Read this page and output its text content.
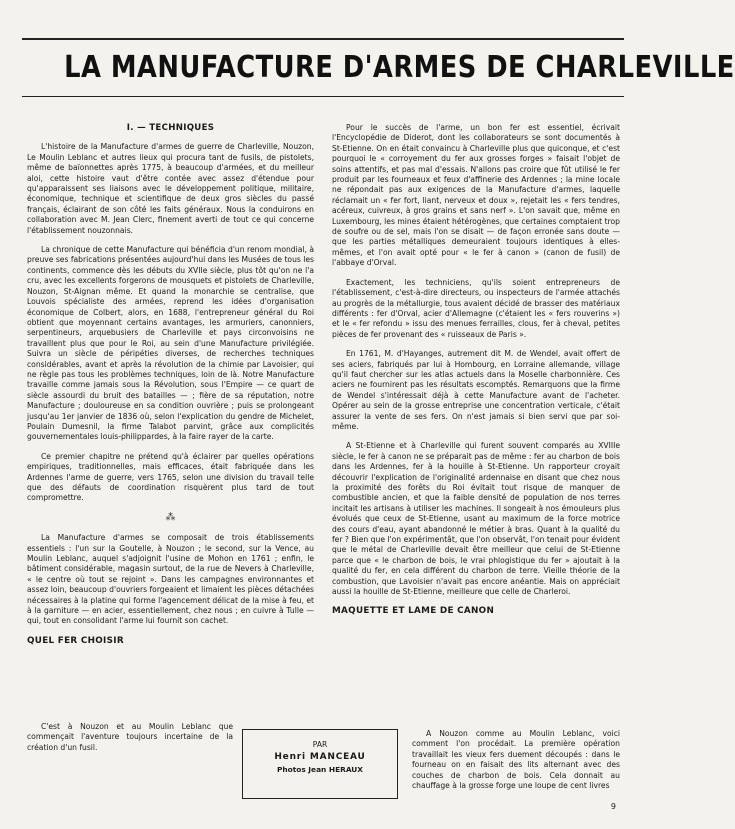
LA MANUFACTURE D'ARMES DE CHARLEVILLE
I. — TECHNIQUES

L'histoire de la Manufacture d'armes de guerre de Charleville, Nouzon, Le Moulin Leblanc et autres lieux qui procura tant de fusils, de pistolets, même de baïonnettes après 1775, à beaucoup d'armées, et du meilleur aloi, cette histoire vaut d'être contée avec assez d'étendue pour qu'apparaissent ses liaisons avec le développement politique, militaire, économique, technique et scientifique de deux gros siècles du passé français, éclairant de son côté les faits généraux. Nous la conduirons en collaboration avec M. Jean Clerc, finement averti de tout ce qui concerne l'établissement nouzonnais.

La chronique de cette Manufacture qui bénéficia d'un renom mondial, à preuve ses fabrications présentées aujourd'hui dans les Musées de tous les continents, commence dès les débuts du XVIIe siècle, plus tôt qu'on ne l'a cru, avec les excellents forgerons de mousquets et pistolets de Charleville, Nouzon, St-Aignan même. Et quand la monarchie se centralise, que Louvois spécialiste des armées, reprend les idées d'organisation économique de Colbert, alors, en 1688, l'entrepreneur général du Roi obtient que moyennant certains avantages, les armuriers, canonniers, serpentineurs, arquebusiers de Charleville et pays circonvoisins ne travaillent plus que pour le Roi, au sein d'une Manufacture privilégiée. Suivra un siècle de péripéties diverses, de recherches techniques considérables, avant et après la révolution de la chimie par Lavoisier, qui ne règle pas tous les problèmes techniques, loin de là. Notre Manufacture travaille comme jamais sous la Révolution, sous l'Empire — ce quart de siècle assourdi du bruit des batailles — ; fière de sa réputation, notre Manufacture ; douloureuse en sa condition ouvrière ; puis se prolongeant jusqu'au 1er janvier de 1836 où, selon l'explication du gendre de Michelet, Poulain Dumesnil, la firme Talabot parvint, grâce aux complicités gouvernementales louis-philippardes, à la faire rayer de la carte.

Ce premier chapitre ne prétend qu'à éclairer par quelles opérations empiriques, traditionnelles, mais efficaces, était fabriquée dans les Ardennes l'arme de guerre, vers 1765, selon une division du travail telle que des défauts de coordination risquèrent plus tard de tout compromettre.

⁂

La Manufacture d'armes se composait de trois établissements essentiels : l'un sur la Goutelle, à Nouzon ; le second, sur la Vence, au Moulin Leblanc, auquel s'adjoignit l'usine de Mohon en 1761 ; enfin, le bâtiment considérable, magasin surtout, de la rue de Nevers à Charleville, « le centre où tout se rejoint ». Dans les campagnes environnantes et assez loin, beaucoup d'ouvriers forgeaient et limaient les pièces détachées nécessaires à la platine qui forme l'agencement délicat de la mise à feu, et à la garniture — en acier, essentiellement, chez nous ; en cuivre à Tulle — qui, tout en consolidant l'arme lui fournit son cachet.

QUEL FER CHOISIR

C'est à Nouzon et au Moulin Leblanc que commençait l'aventure toujours incertaine de la création d'un fusil.

Pour le succès de l'arme, un bon fer est essentiel, écrivait l'Encyclopédie de Diderot, dont les collaborateurs se sont documentés à St-Etienne. On en était convaincu à Charleville plus que quiconque, et c'est pourquoi le « corroyement du fer aux grosses forges » faisait l'objet de soins attentifs, et pas mal d'essais. N'allons pas croire que fût utilisé le fer produit par les fourneaux et feux d'affinerie des Ardennes ; la mine locale ne répondait pas aux exigences de la Manufacture d'armes, laquelle réclamait un « fer fort, liant, nerveux et doux », rejetait les « fers tendres, acéreux, cuivreux, à gros grains et sans nerf ». L'on savait que, même en Luxembourg, les mines étaient hétérogènes, que certaines comptaient trop de soufre ou de sel, mais l'on se disait — de façon erronée sans doute — que les parties métalliques demeuraient toujours identiques à elles-mêmes, et l'on avait opté pour « le fer à canon » (canon de fusil) de l'abbaye d'Orval.

Exactement, les techniciens, qu'ils soient entrepreneurs de l'établissement, c'est-à-dire directeurs, ou inspecteurs de l'armée attachés au progrès de la métallurgie, tous avaient décidé de brasser des matériaux différents : fer d'Orval, acier d'Allemagne (c'étaient les « fers rouverins ») et le « fer refondu » issu des menues ferrailles, clous, fer à cheval, petites pièces de fer provenant des « ruisseaux de Paris ».

En 1761, M. d'Hayanges, autrement dit M. de Wendel, avait offert de ses aciers, fabriqués par lui à Hombourg, en Lorraine allemande, village qu'il faut chercher sur les atlas actuels dans la Moselle charbonnière. Ces aciers ne fournirent pas les résultats escomptés. Remarquons que la firme de Wendel s'intéressait déjà à cette Manufacture avant de l'acheter. Opérer au sein de la grosse entreprise une concentration verticale, c'était assurer la vente de ses fers. On n'est jamais si bien servi que par soi-même.

A St-Etienne et à Charleville qui furent souvent comparés au XVIIIe siècle, le fer à canon ne se préparait pas de même : fer au charbon de bois dans les Ardennes, fer à la houille à St-Etienne. Un rapporteur croyait découvrir l'explication de l'originalité ardennaise en disant que chez nous la proximité des forêts du Roi évitait tout risque de manquer de combustible ancien, et que la faible densité de population de nos terres incitait les artisans à utiliser les machines. Il songeait à nos émouleurs plus évolués que ceux de St-Etienne, usant au maximum de la force motrice des cours d'eau, ayant abandonné le métier à bras. Quant à la qualité du fer ? Bien que l'on expérimentât, que l'on observât, l'on tenait pour évident que le métal de Charleville devait être meilleur que celui de St-Etienne parce que « le charbon de bois, le vrai phlogistique du fer » ajoutait à la qualité du fer, en cela différent du charbon de terre. Vieille théorie de la combustion, que Lavoisier n'avait pas encore anéantie. Mais on appréciait aussi la houille de St-Etienne, meilleure que celle de Charleroi.

MAQUETTE ET LAME DE CANON
PAR
Henri MANCEAU
Photos Jean HERAUX

A Nouzon comme au Moulin Leblanc, voici comment l'on procédait. La première opération travaillait les vieux fers duement découpés : dans le fourneau on en faisait des lits alternant avec des couches de charbon de bois. Cela donnait au chauffage à la grosse forge une loupe de cent livres

9
